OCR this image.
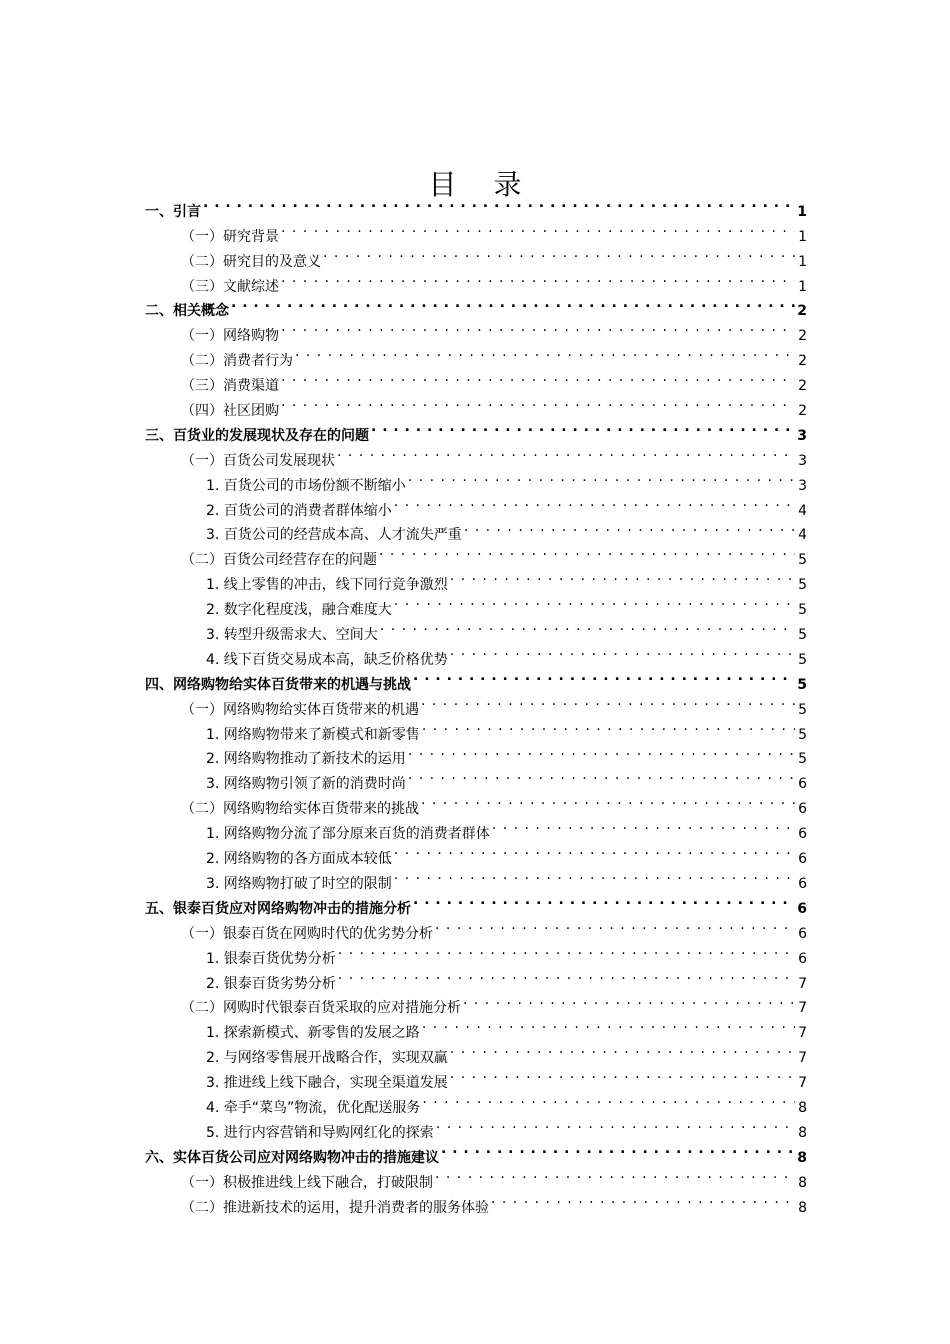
目 录
一、引言 . . .	1
（一）研究背景 . . .	1
（二）研究目的及意义 . . .	1
（三）文献综述 . . .	1
二、相关概念 . . .	2
（一）网络购物 . . .	2
（二）消费者行为 . . .	2
（三）消费渠道 . . .	2
（四）社区团购 . . .	2
三、百货业的发展现状及存在的问题 . . .	3
（一）百货公司发展现状 . . .	3
1. 百货公司的市场份额不断缩小 . . .	3
2. 百货公司的消费者群体缩小 . . .	4
3. 百货公司的经营成本高、人才流失严重 . . .	4
（二）百货公司经营存在的问题 . . .	5
1. 线上零售的冲击，线下同行竞争激烈 . . .	5
2. 数字化程度浅，融合难度大 . . .	5
3. 转型升级需求大、空间大 . . .	5
4. 线下百货交易成本高，缺乏价格优势 . . .	5
四、网络购物给实体百货带来的机遇与挑战 . . .	5
（一）网络购物给实体百货带来的机遇 . . .	5
1. 网络购物带来了新模式和新零售 . . .	5
2. 网络购物推动了新技术的运用 . . .	5
3. 网络购物引领了新的消费时尚 . . .	6
（二）网络购物给实体百货带来的挑战 . . .	6
1. 网络购物分流了部分原来百货的消费者群体 . . .	6
2. 网络购物的各方面成本较低 . . .	6
3. 网络购物打破了时空的限制 . . .	6
五、银泰百货应对网络购物冲击的措施分析 . . .	6
（一）银泰百货在网购时代的优劣势分析 . . .	6
1. 银泰百货优势分析 . . .	6
2. 银泰百货劣势分析 . . .	7
（二）网购时代银泰百货采取的应对措施分析 . . .	7
1. 探索新模式、新零售的发展之路 . . .	7
2. 与网络零售展开战略合作，实现双赢 . . .	7
3. 推进线上线下融合，实现全渠道发展 . . .	7
4. 牵手“菜鸟”物流，优化配送服务 . . .	8
5. 进行内容营销和导购网红化的探索 . . .	8
六、实体百货公司应对网络购物冲击的措施建议 . . .	8
（一）积极推进线上线下融合，打破限制 . . .	8
（二）推进新技术的运用，提升消费者的服务体验 . . .	8
